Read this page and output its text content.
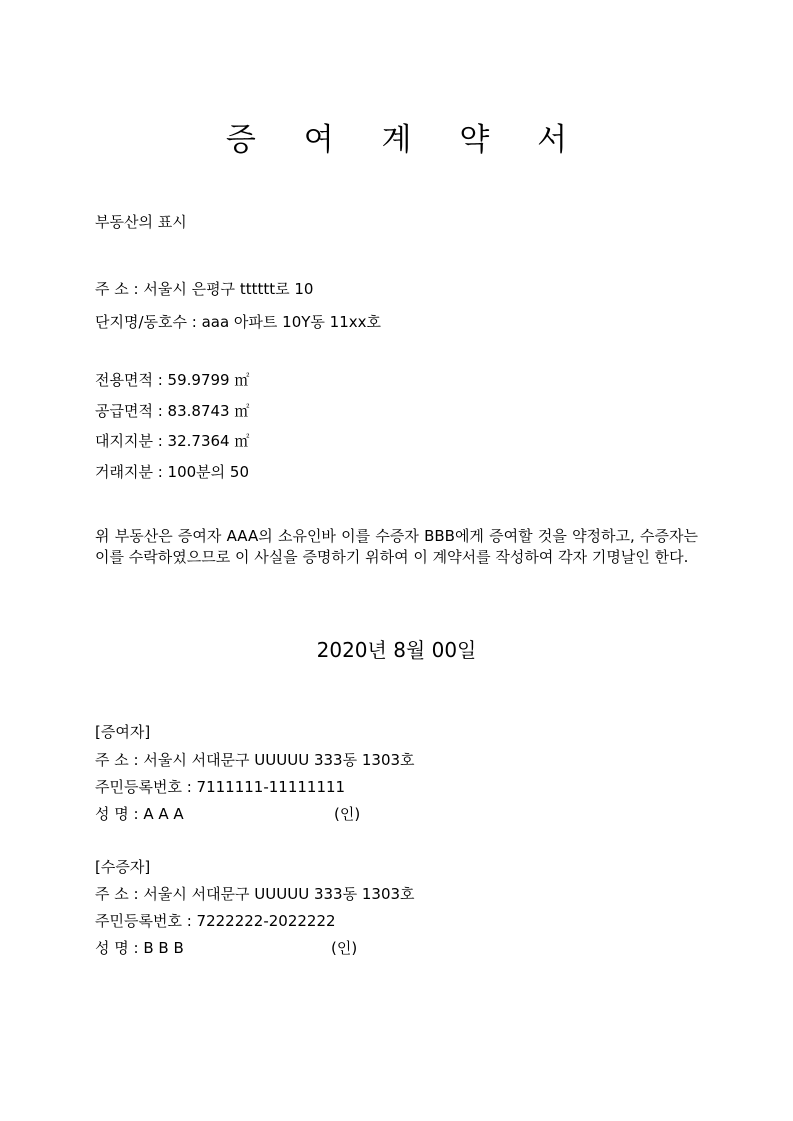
증 여 계 약 서
부동산의 표시
주 소 : 서울시 은평구 tttttt로 10
단지명/동호수 : aaa 아파트 10Y동 11xx호
전용면적 : 59.9799 ㎡
공급면적 : 83.8743 ㎡
대지지분 : 32.7364 ㎡
거래지분 : 100분의 50
위 부동산은 증여자 AAA의 소유인바 이를 수증자 BBB에게 증여할 것을 약정하고, 수증자는 이를 수락하였으므로 이 사실을 증명하기 위하여 이 계약서를 작성하여 각자 기명날인 한다.
2020년 8월 00일
[증여자]
주 소 : 서울시 서대문구 UUUUU 333동 1303호
주민등록번호 : 7111111-11111111
성 명 : A A A	(인)
[수증자]
주 소 : 서울시 서대문구 UUUUU 333동 1303호
주민등록번호 : 7222222-2022222
성 명 : B B B	(인)
